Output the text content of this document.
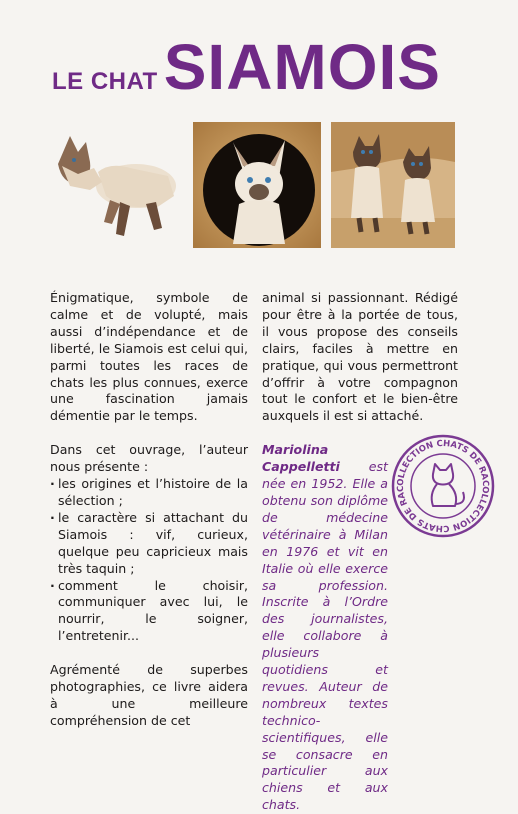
LE CHATSIAMOIS

Énigmatique, symbole de calme et de volupté, mais aussi d’indépendance et de liberté, le Siamois est celui qui, parmi toutes les races de chats les plus connues, exerce une fascination jamais démentie par le temps.

Dans cet ouvrage, l’auteur nous présente :

. les origines et l’histoire de la sélection ;
. le caractère si attachant du Siamois : vif, curieux, quelque peu capricieux mais très taquin ;
. comment le choisir, communiquer avec lui, le nourrir, le soigner, l’entretenir...

Agrémenté de superbes photographies, ce livre aidera à une meilleure compréhension de cet

animal si passionnant. Rédigé pour être à la portée de tous, il vous propose des conseils clairs, faciles à mettre en pratique, qui vous permettront d’offrir à votre compagnon tout le confort et le bien-être auxquels il est si attaché.

Mariolina Cappelletti est née en 1952. Elle a obtenu son diplôme de médecine vétérinaire à Milan en 1976 et vit en Italie où elle exerce sa profession. Inscrite à l’Ordre des journalistes, elle collabore à plusieurs quotidiens et revues. Auteur de nombreux textes technico-scientifiques, elle se consacre en particulier aux chiens et aux chats.

OLLECTION CHATS DE RAC
OLLECTION CHATS DE RAC
